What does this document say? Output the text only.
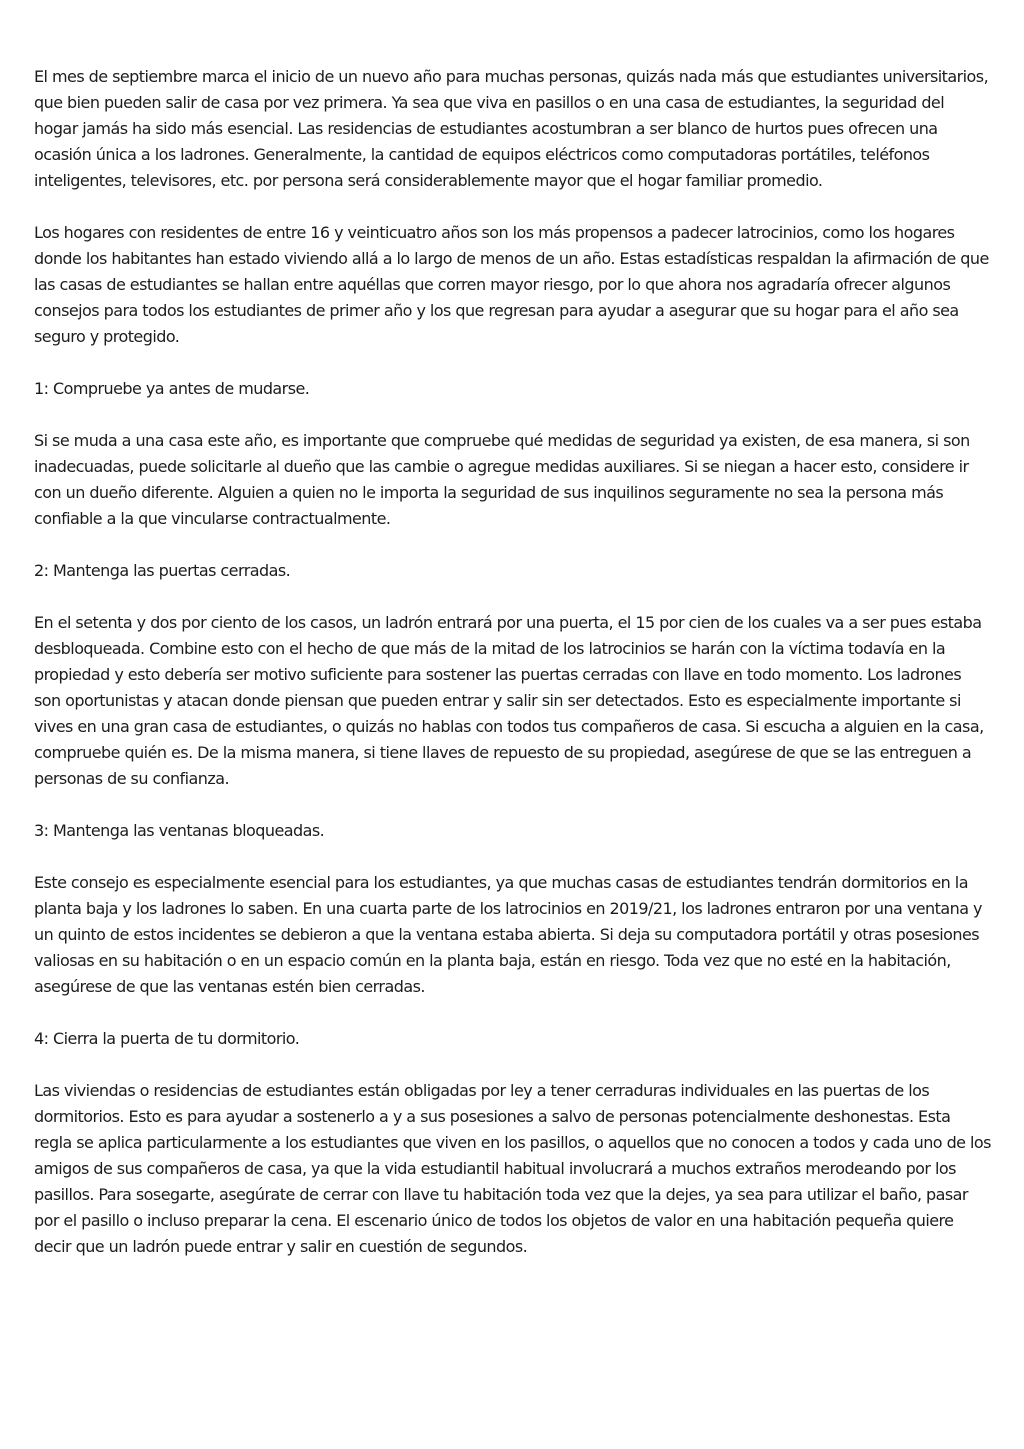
El mes de septiembre marca el inicio de un nuevo año para muchas personas, quizás nada más que estudiantes universitarios, que bien pueden salir de casa por vez primera. Ya sea que viva en pasillos o en una casa de estudiantes, la seguridad del hogar jamás ha sido más esencial. Las residencias de estudiantes acostumbran a ser blanco de hurtos pues ofrecen una ocasión única a los ladrones. Generalmente, la cantidad de equipos eléctricos como computadoras portátiles, teléfonos inteligentes, televisores, etc. por persona será considerablemente mayor que el hogar familiar promedio.

Los hogares con residentes de entre 16 y veinticuatro años son los más propensos a padecer latrocinios, como los hogares donde los habitantes han estado viviendo allá a lo largo de menos de un año. Estas estadísticas respaldan la afirmación de que las casas de estudiantes se hallan entre aquéllas que corren mayor riesgo, por lo que ahora nos agradaría ofrecer algunos consejos para todos los estudiantes de primer año y los que regresan para ayudar a asegurar que su hogar para el año sea seguro y protegido.

1: Compruebe ya antes de mudarse.

Si se muda a una casa este año, es importante que compruebe qué medidas de seguridad ya existen, de esa manera, si son inadecuadas, puede solicitarle al dueño que las cambie o agregue medidas auxiliares. Si se niegan a hacer esto, considere ir con un dueño diferente. Alguien a quien no le importa la seguridad de sus inquilinos seguramente no sea la persona más confiable a la que vincularse contractualmente.

2: Mantenga las puertas cerradas.

En el setenta y dos por ciento de los casos, un ladrón entrará por una puerta, el 15 por cien de los cuales va a ser pues estaba desbloqueada. Combine esto con el hecho de que más de la mitad de los latrocinios se harán con la víctima todavía en la propiedad y esto debería ser motivo suficiente para sostener las puertas cerradas con llave en todo momento. Los ladrones son oportunistas y atacan donde piensan que pueden entrar y salir sin ser detectados. Esto es especialmente importante si vives en una gran casa de estudiantes, o quizás no hablas con todos tus compañeros de casa. Si escucha a alguien en la casa, compruebe quién es. De la misma manera, si tiene llaves de repuesto de su propiedad, asegúrese de que se las entreguen a personas de su confianza.

3: Mantenga las ventanas bloqueadas.

Este consejo es especialmente esencial para los estudiantes, ya que muchas casas de estudiantes tendrán dormitorios en la planta baja y los ladrones lo saben. En una cuarta parte de los latrocinios en 2019/21, los ladrones entraron por una ventana y un quinto de estos incidentes se debieron a que la ventana estaba abierta. Si deja su computadora portátil y otras posesiones valiosas en su habitación o en un espacio común en la planta baja, están en riesgo. Toda vez que no esté en la habitación, asegúrese de que las ventanas estén bien cerradas.

4: Cierra la puerta de tu dormitorio.

Las viviendas o residencias de estudiantes están obligadas por ley a tener cerraduras individuales en las puertas de los dormitorios. Esto es para ayudar a sostenerlo a y a sus posesiones a salvo de personas potencialmente deshonestas. Esta regla se aplica particularmente a los estudiantes que viven en los pasillos, o aquellos que no conocen a todos y cada uno de los amigos de sus compañeros de casa, ya que la vida estudiantil habitual involucrará a muchos extraños merodeando por los pasillos. Para sosegarte, asegúrate de cerrar con llave tu habitación toda vez que la dejes, ya sea para utilizar el baño, pasar por el pasillo o incluso preparar la cena. El escenario único de todos los objetos de valor en una habitación pequeña quiere decir que un ladrón puede entrar y salir en cuestión de segundos.
